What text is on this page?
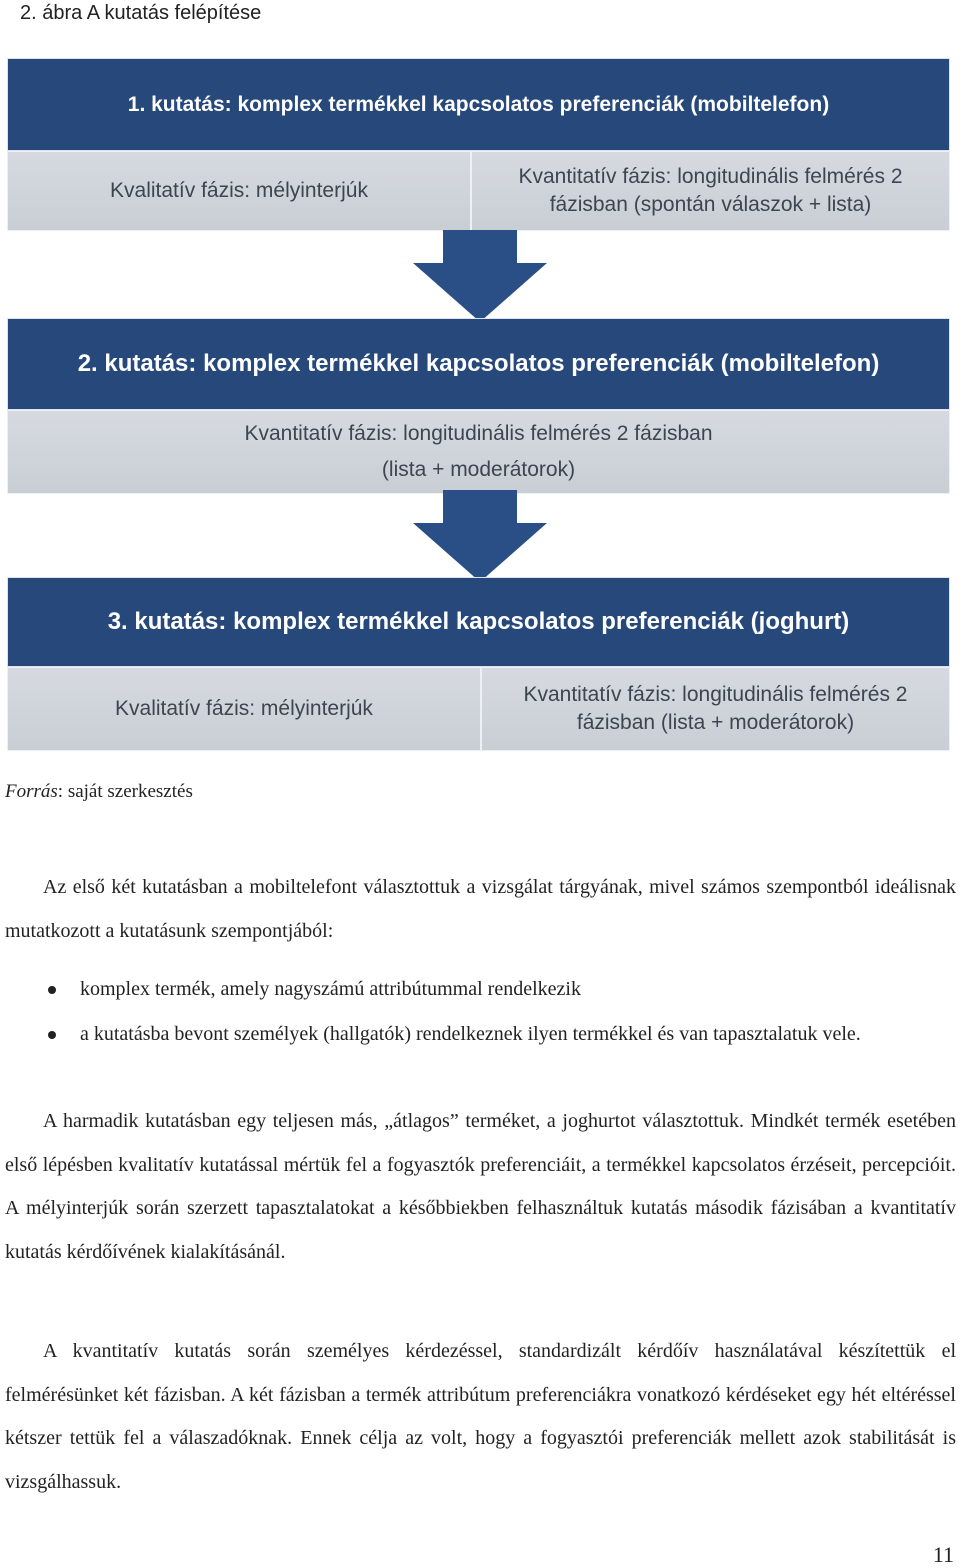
2. ábra A kutatás felépítése
1. kutatás: komplex termékkel kapcsolatos preferenciák (mobiltelefon)
Kvalitatív fázis: mélyinterjúk
Kvantitatív fázis: longitudinális felmérés 2 fázisban (spontán válaszok + lista)
2. kutatás: komplex termékkel kapcsolatos preferenciák (mobiltelefon)
Kvantitatív fázis: longitudinális felmérés 2 fázisban
(lista + moderátorok)
3. kutatás: komplex termékkel kapcsolatos preferenciák (joghurt)
Kvalitatív fázis: mélyinterjúk
Kvantitatív fázis: longitudinális felmérés 2 fázisban (lista + moderátorok)
Forrás: saját szerkesztés

Az első két kutatásban a mobiltelefont választottuk a vizsgálat tárgyának, mivel számos szempontból ideálisnak mutatkozott a kutatásunk szempontjából:

komplex termék, amely nagyszámú attribútummal rendelkezik
a kutatásba bevont személyek (hallgatók) rendelkeznek ilyen termékkel és van tapasztalatuk vele.

A harmadik kutatásban egy teljesen más, „átlagos” terméket, a joghurtot választottuk. Mindkét termék esetében első lépésben kvalitatív kutatással mértük fel a fogyasztók preferenciáit, a termékkel kapcsolatos érzéseit, percepcióit. A mélyinterjúk során szerzett tapasztalatokat a későbbiekben felhasználtuk kutatás második fázisában a kvantitatív kutatás kérdőívének kialakításánál.

A kvantitatív kutatás során személyes kérdezéssel, standardizált kérdőív használatával készítettük el felmérésünket két fázisban. A két fázisban a termék attribútum preferenciákra vonatkozó kérdéseket egy hét eltéréssel kétszer tettük fel a válaszadóknak. Ennek célja az volt, hogy a fogyasztói preferenciák mellett azok stabilitását is vizsgálhassuk.

11
